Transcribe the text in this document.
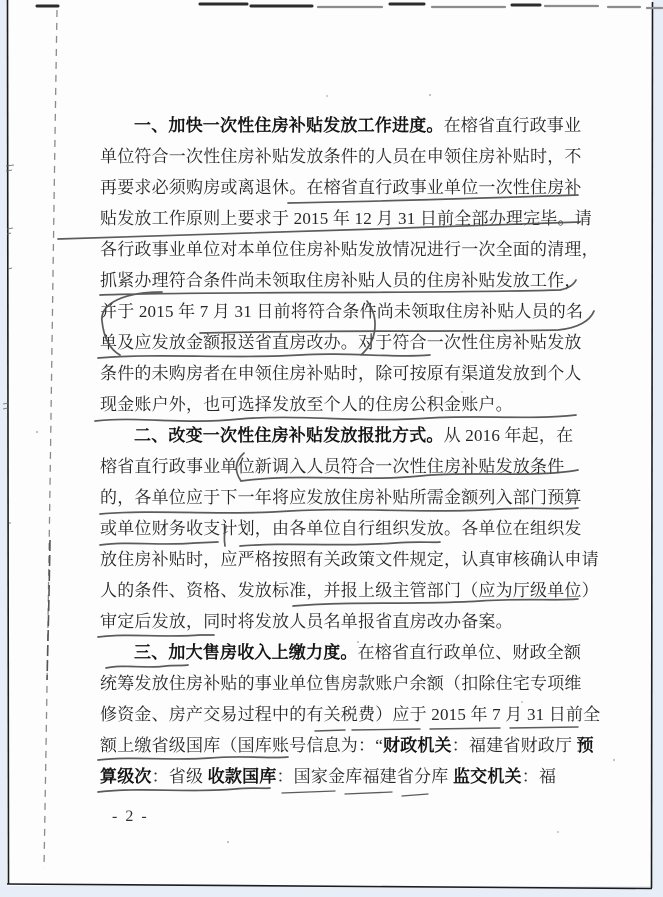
一、加快一次性住房补贴发放工作进度。在榕省直行政事业
单位符合一次性住房补贴发放条件的人员在申领住房补贴时，不
再要求必须购房或离退休。在榕省直行政事业单位一次性住房补
贴发放工作原则上要求于 2015 年 12 月 31 日前全部办理完毕。请
各行政事业单位对本单位住房补贴发放情况进行一次全面的清理，
抓紧办理符合条件尚未领取住房补贴人员的住房补贴发放工作，
并于 2015 年 7 月 31 日前将符合条件尚未领取住房补贴人员的名
单及应发放金额报送省直房改办。对于符合一次性住房补贴发放
条件的未购房者在申领住房补贴时，除可按原有渠道发放到个人
现金账户外，也可选择发放至个人的住房公积金账户。
二、改变一次性住房补贴发放报批方式。从 2016 年起，在
榕省直行政事业单位新调入人员符合一次性住房补贴发放条件
的，各单位应于下一年将应发放住房补贴所需金额列入部门预算
或单位财务收支计划，由各单位自行组织发放。各单位在组织发
放住房补贴时，应严格按照有关政策文件规定，认真审核确认申请
人的条件、资格、发放标准，并报上级主管部门（应为厅级单位）
审定后发放，同时将发放人员名单报省直房改办备案。
三、加大售房收入上缴力度。在榕省直行政单位、财政全额
统筹发放住房补贴的事业单位售房款账户余额（扣除住宅专项维
修资金、房产交易过程中的有关税费）应于 2015 年 7 月 31 日前全
额上缴省级国库（国库账号信息为：“财政机关：福建省财政厅 预
算级次：省级 收款国库：国家金库福建省分库 监交机关：福
- 2 -
